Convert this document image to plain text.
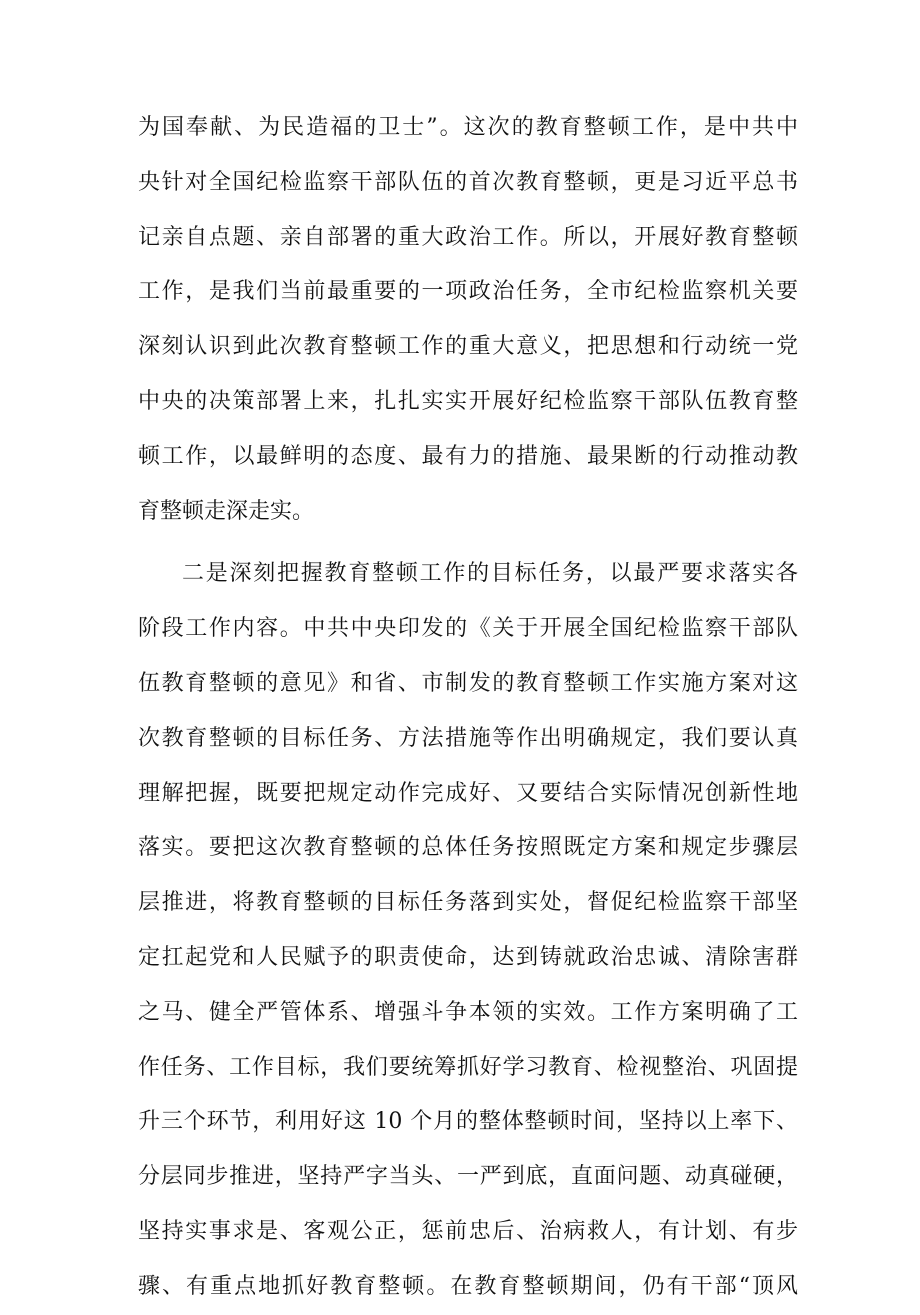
为国奉献、为民造福的卫士”。这次的教育整顿工作，是中共中
央针对全国纪检监察干部队伍的首次教育整顿，更是习近平总书
记亲自点题、亲自部署的重大政治工作。所以，开展好教育整顿
工作，是我们当前最重要的一项政治任务，全市纪检监察机关要
深刻认识到此次教育整顿工作的重大意义，把思想和行动统一党
中央的决策部署上来，扎扎实实开展好纪检监察干部队伍教育整
顿工作，以最鲜明的态度、最有力的措施、最果断的行动推动教
育整顿走深走实。
二是深刻把握教育整顿工作的目标任务，以最严要求落实各
阶段工作内容。中共中央印发的《关于开展全国纪检监察干部队
伍教育整顿的意见》和省、市制发的教育整顿工作实施方案对这
次教育整顿的目标任务、方法措施等作出明确规定，我们要认真
理解把握，既要把规定动作完成好、又要结合实际情况创新性地
落实。要把这次教育整顿的总体任务按照既定方案和规定步骤层
层推进，将教育整顿的目标任务落到实处，督促纪检监察干部坚
定扛起党和人民赋予的职责使命，达到铸就政治忠诚、清除害群
之马、健全严管体系、增强斗争本领的实效。工作方案明确了工
作任务、工作目标，我们要统筹抓好学习教育、检视整治、巩固提
升三个环节，利用好这 10 个月的整体整顿时间，坚持以上率下、
分层同步推进，坚持严字当头、一严到底，直面问题、动真碰硬，
坚持实事求是、客观公正，惩前忠后、治病救人，有计划、有步
骤、有重点地抓好教育整顿。在教育整顿期间，仍有干部“顶风
